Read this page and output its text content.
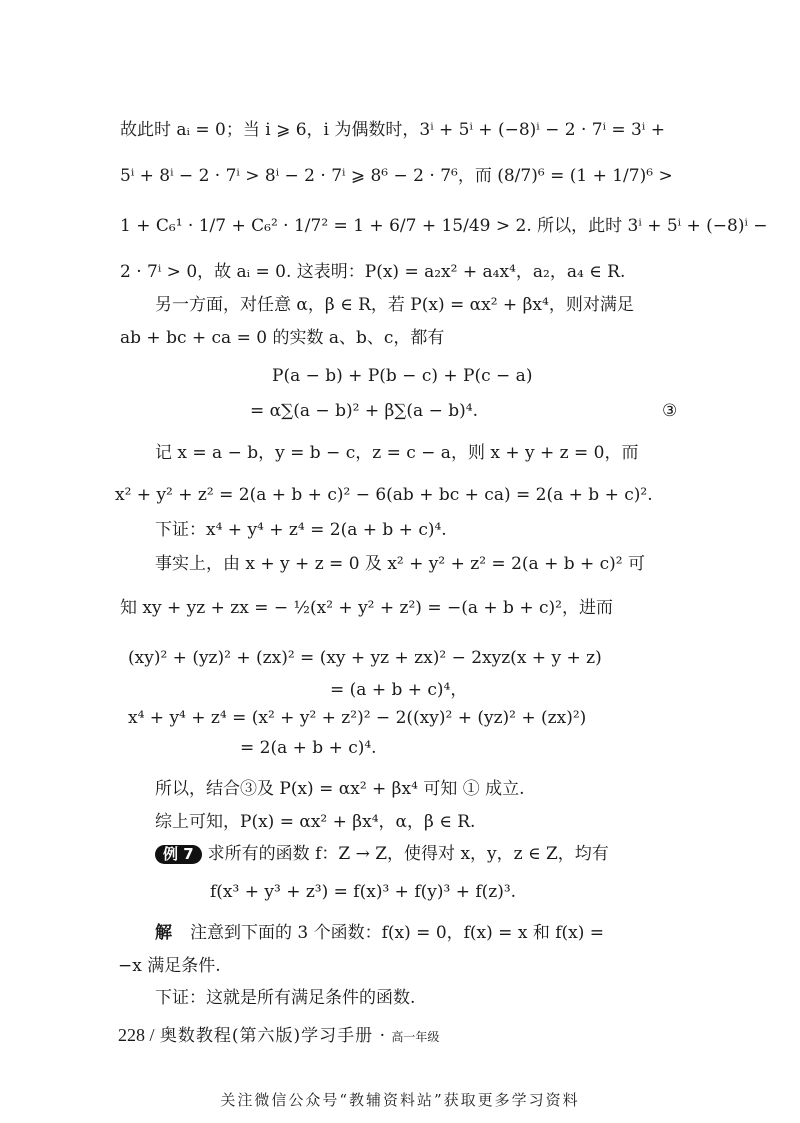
故此时 aᵢ = 0；当 i ⩾ 6，i 为偶数时，3ⁱ + 5ⁱ + (−8)ⁱ − 2 · 7ⁱ = 3ⁱ +
5ⁱ + 8ⁱ − 2 · 7ⁱ > 8ⁱ − 2 · 7ⁱ ⩾ 8⁶ − 2 · 7⁶，而 (8/7)⁶ = (1 + 1/7)⁶ >
1 + C₆¹ · 1/7 + C₆² · 1/7² = 1 + 6/7 + 15/49 > 2. 所以，此时 3ⁱ + 5ⁱ + (−8)ⁱ −
2 · 7ⁱ > 0，故 aᵢ = 0. 这表明：P(x) = a₂x² + a₄x⁴，a₂，a₄ ∈ R.
另一方面，对任意 α，β ∈ R，若 P(x) = αx² + βx⁴，则对满足
ab + bc + ca = 0 的实数 a、b、c，都有
P(a − b) + P(b − c) + P(c − a)
= α∑(a − b)² + β∑(a − b)⁴.	③
记 x = a − b，y = b − c，z = c − a，则 x + y + z = 0，而
x² + y² + z² = 2(a + b + c)² − 6(ab + bc + ca) = 2(a + b + c)².
下证：x⁴ + y⁴ + z⁴ = 2(a + b + c)⁴.
事实上，由 x + y + z = 0 及 x² + y² + z² = 2(a + b + c)² 可
知 xy + yz + zx = − ½(x² + y² + z²) = −(a + b + c)²，进而
(xy)² + (yz)² + (zx)² = (xy + yz + zx)² − 2xyz(x + y + z)
= (a + b + c)⁴，
x⁴ + y⁴ + z⁴ = (x² + y² + z²)² − 2((xy)² + (yz)² + (zx)²)
= 2(a + b + c)⁴.
所以，结合③及 P(x) = αx² + βx⁴ 可知 ① 成立.
综上可知，P(x) = αx² + βx⁴，α，β ∈ R.
例 7 求所有的函数 f：Z → Z，使得对 x，y，z ∈ Z，均有
f(x³ + y³ + z³) = f(x)³ + f(y)³ + f(z)³.
解 注意到下面的 3 个函数：f(x) = 0，f(x) = x 和 f(x) =
−x 满足条件.
下证：这就是所有满足条件的函数.
228 / 奥数教程(第六版)学习手册 · 高一年级
关注微信公众号“教辅资料站”获取更多学习资料
